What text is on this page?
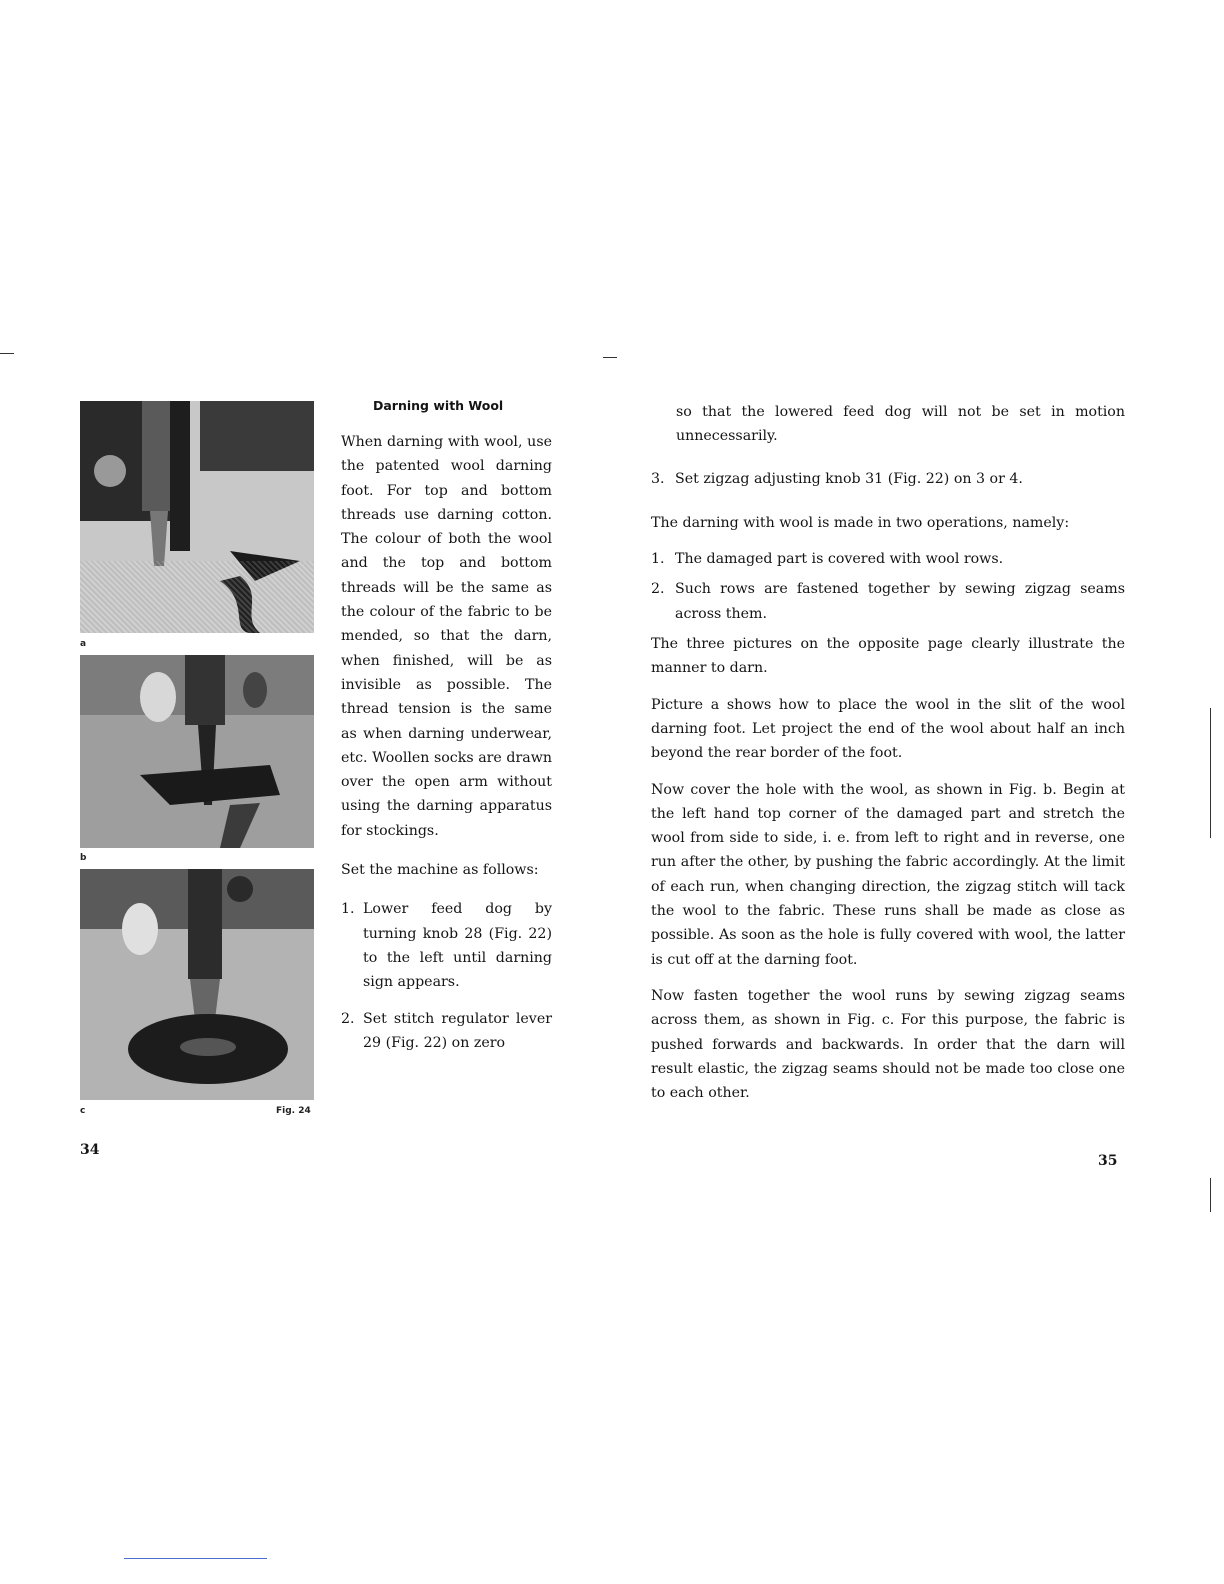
a
b
c	Fig. 24
Darning with Wool

When darning with wool, use the patented wool darning foot. For top and bottom threads use darning cotton. The colour of both the wool and the top and bottom threads will be the same as the colour of the fabric to be mended, so that the darn, when finished, will be as invisible as possible. The thread tension is the same as when darning underwear, etc. Woollen socks are drawn over the open arm without using the darning apparatus for stockings.

Set the machine as follows:

1. Lower feed dog by turning knob 28 (Fig. 22) to the left until darning sign appears.
2. Set stitch regulator lever 29 (Fig. 22) on zero
34

so that the lowered feed dog will not be set in motion unnecessarily.

3. Set zigzag adjusting knob 31 (Fig. 22) on 3 or 4.

The darning with wool is made in two operations, namely:

1. The damaged part is covered with wool rows.
2. Such rows are fastened together by sewing zigzag seams across them.

The three pictures on the opposite page clearly illustrate the manner to darn.

Picture a shows how to place the wool in the slit of the wool darning foot. Let project the end of the wool about half an inch beyond the rear border of the foot.

Now cover the hole with the wool, as shown in Fig. b. Begin at the left hand top corner of the damaged part and stretch the wool from side to side, i. e. from left to right and in reverse, one run after the other, by pushing the fabric accordingly. At the limit of each run, when changing direction, the zigzag stitch will tack the wool to the fabric. These runs shall be made as close as possible. As soon as the hole is fully covered with wool, the latter is cut off at the darning foot.

Now fasten together the wool runs by sewing zigzag seams across them, as shown in Fig. c. For this purpose, the fabric is pushed forwards and backwards. In order that the darn will result elastic, the zigzag seams should not be made too close one to each other.

35
